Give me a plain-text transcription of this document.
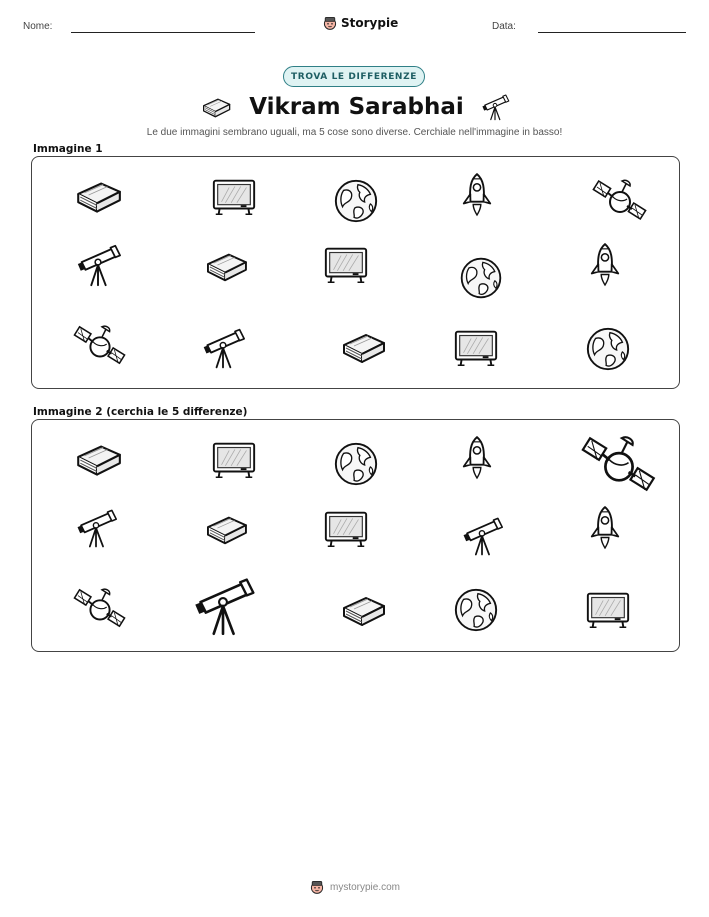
Nome:	Storypie	Data:
TROVA LE DIFFERENZE
Vikram Sarabhai
Le due immagini sembrano uguali, ma 5 cose sono diverse. Cerchiale nell'immagine in basso!
Immagine 1
Immagine 2 (cerchia le 5 differenze)
mystorypie.com
